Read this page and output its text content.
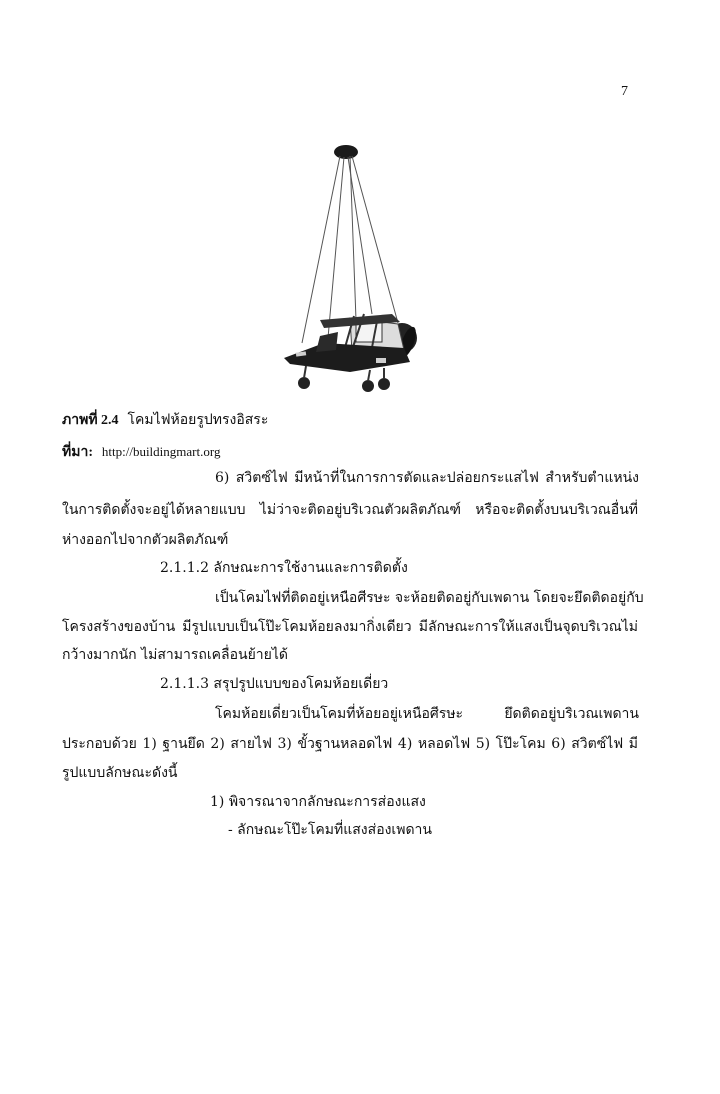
7
ภาพที่ 2.4 โคมไฟห้อยรูปทรงอิสระ
ที่มา: http://buildingmart.org
6) สวิตซ์ไฟ มีหน้าที่ในการการตัดและปล่อยกระแสไฟ สำหรับตำแหน่ง
ในการติดตั้งจะอยู่ได้หลายแบบ ไม่ว่าจะติดอยู่บริเวณตัวผลิตภัณฑ์ หรือจะติดตั้งบนบริเวณอื่นที่
ห่างออกไปจากตัวผลิตภัณฑ์
2.1.1.2 ลักษณะการใช้งานและการติดตั้ง
เป็นโคมไฟที่ติดอยู่เหนือศีรษะ จะห้อยติดอยู่กับเพดาน โดยจะยึดติดอยู่กับ
โครงสร้างของบ้าน มีรูปแบบเป็นโป๊ะโคมห้อยลงมากิ่งเดียว มีลักษณะการให้แสงเป็นจุดบริเวณไม่
กว้างมากนัก ไม่สามารถเคลื่อนย้ายได้
2.1.1.3 สรุปรูปแบบของโคมห้อยเดี่ยว
โคมห้อยเดี่ยวเป็นโคมที่ห้อยอยู่เหนือศีรษะ ยึดติดอยู่บริเวณเพดาน
ประกอบด้วย 1) ฐานยึด 2) สายไฟ 3) ขั้วฐานหลอดไฟ 4) หลอดไฟ 5) โป๊ะโคม 6) สวิตซ์ไฟ มี
รูปแบบลักษณะดังนี้
1) พิจารณาจากลักษณะการส่องแสง
- ลักษณะโป๊ะโคมที่แสงส่องเพดาน
